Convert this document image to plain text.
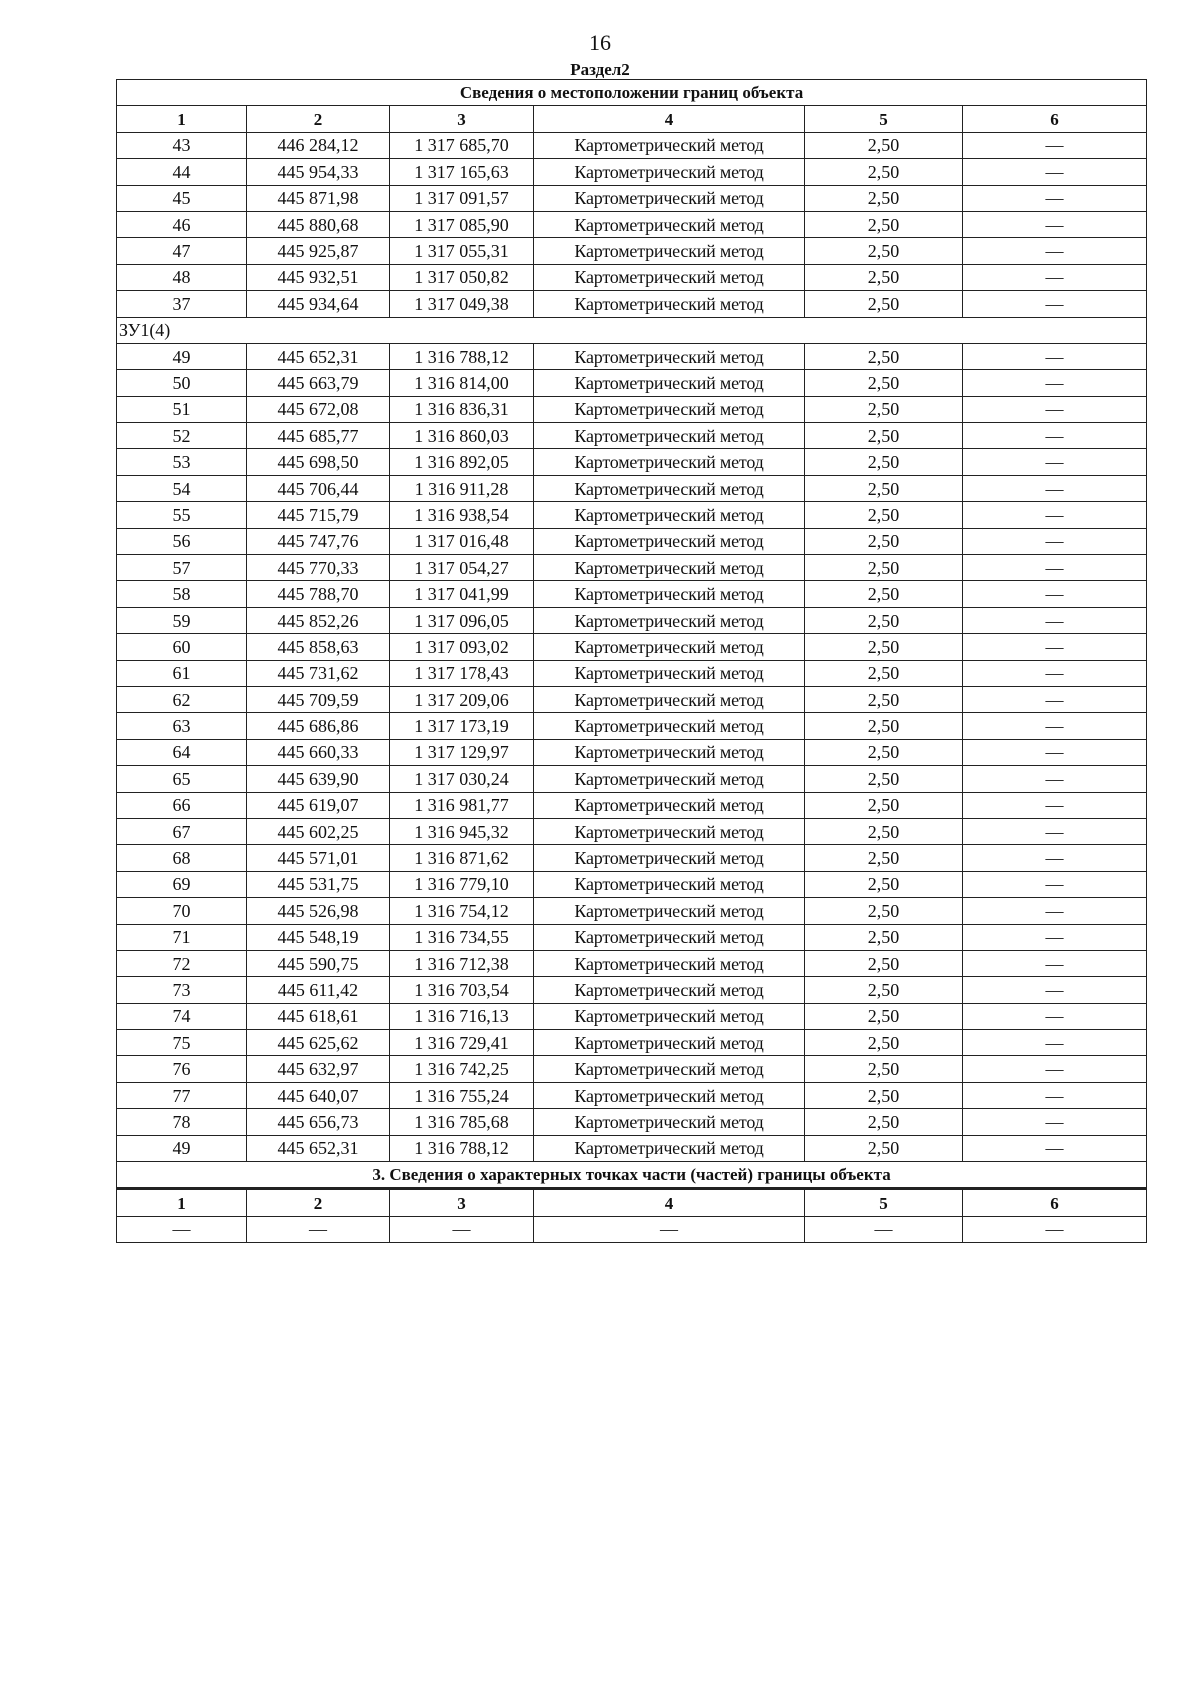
16
Раздел2
Сведения о местоположении границ объекта					
1	2	3	4	5	6
43	446 284,12	1 317 685,70	Картометрический метод	2,50	—
44	445 954,33	1 317 165,63	Картометрический метод	2,50	—
45	445 871,98	1 317 091,57	Картометрический метод	2,50	—
46	445 880,68	1 317 085,90	Картометрический метод	2,50	—
47	445 925,87	1 317 055,31	Картометрический метод	2,50	—
48	445 932,51	1 317 050,82	Картометрический метод	2,50	—
37	445 934,64	1 317 049,38	Картометрический метод	2,50	—
ЗУ1(4)					
49	445 652,31	1 316 788,12	Картометрический метод	2,50	—
50	445 663,79	1 316 814,00	Картометрический метод	2,50	—
51	445 672,08	1 316 836,31	Картометрический метод	2,50	—
52	445 685,77	1 316 860,03	Картометрический метод	2,50	—
53	445 698,50	1 316 892,05	Картометрический метод	2,50	—
54	445 706,44	1 316 911,28	Картометрический метод	2,50	—
55	445 715,79	1 316 938,54	Картометрический метод	2,50	—
56	445 747,76	1 317 016,48	Картометрический метод	2,50	—
57	445 770,33	1 317 054,27	Картометрический метод	2,50	—
58	445 788,70	1 317 041,99	Картометрический метод	2,50	—
59	445 852,26	1 317 096,05	Картометрический метод	2,50	—
60	445 858,63	1 317 093,02	Картометрический метод	2,50	—
61	445 731,62	1 317 178,43	Картометрический метод	2,50	—
62	445 709,59	1 317 209,06	Картометрический метод	2,50	—
63	445 686,86	1 317 173,19	Картометрический метод	2,50	—
64	445 660,33	1 317 129,97	Картометрический метод	2,50	—
65	445 639,90	1 317 030,24	Картометрический метод	2,50	—
66	445 619,07	1 316 981,77	Картометрический метод	2,50	—
67	445 602,25	1 316 945,32	Картометрический метод	2,50	—
68	445 571,01	1 316 871,62	Картометрический метод	2,50	—
69	445 531,75	1 316 779,10	Картометрический метод	2,50	—
70	445 526,98	1 316 754,12	Картометрический метод	2,50	—
71	445 548,19	1 316 734,55	Картометрический метод	2,50	—
72	445 590,75	1 316 712,38	Картометрический метод	2,50	—
73	445 611,42	1 316 703,54	Картометрический метод	2,50	—
74	445 618,61	1 316 716,13	Картометрический метод	2,50	—
75	445 625,62	1 316 729,41	Картометрический метод	2,50	—
76	445 632,97	1 316 742,25	Картометрический метод	2,50	—
77	445 640,07	1 316 755,24	Картометрический метод	2,50	—
78	445 656,73	1 316 785,68	Картометрический метод	2,50	—
49	445 652,31	1 316 788,12	Картометрический метод	2,50	—
3. Сведения о характерных точках части (частей) границы объекта					
1	2	3	4	5	6
—	—	—	—	—	—
